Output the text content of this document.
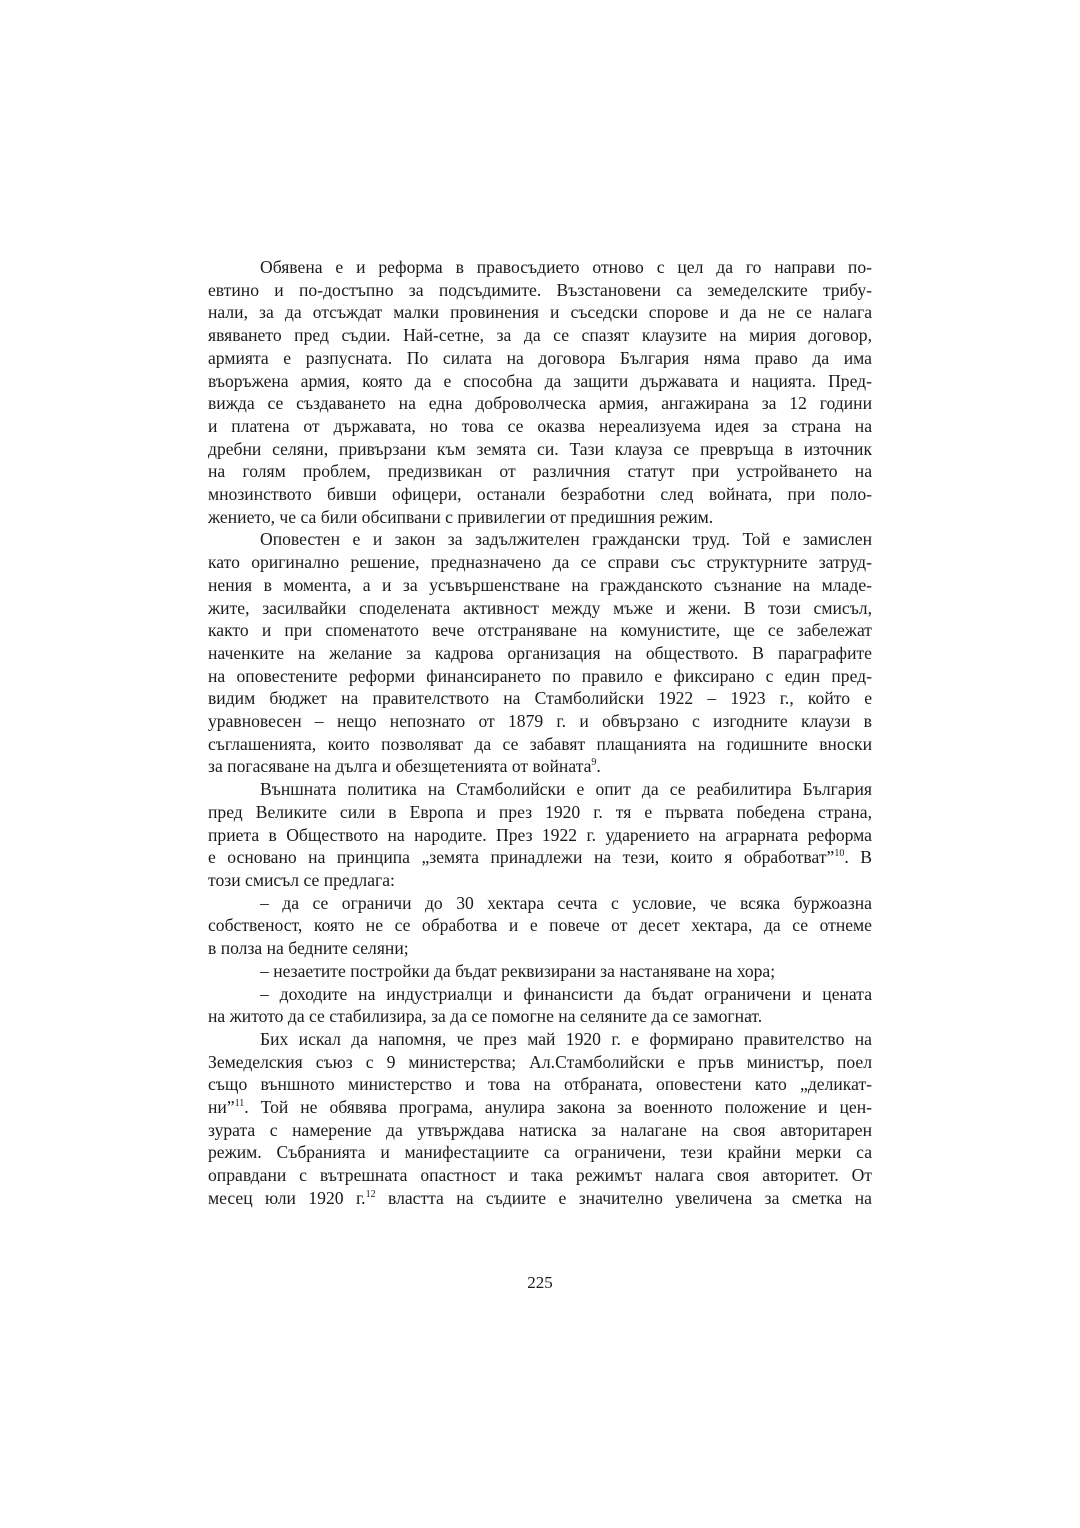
Обявена е и реформа в правосъдието отново с цел да го направи по-
евтино и по-достъпно за подсъдимите. Възстановени са земеделските трибу-
нали, за да отсъждат малки провинения и съседски спорове и да не се налага
явяването пред съдии. Най-сетне, за да се спазят клаузите на мирия договор,
армията е разпусната. По силата на договора България няма право да има
въоръжена армия, която да е способна да защити държавата и нацията. Пред-
вижда се създаването на една доброволческа армия, ангажирана за 12 години
и платена от държавата, но това се оказва нереализуема идея за страна на
дребни селяни, привързани към земята си. Тази клауза се превръща в източник
на голям проблем, предизвикан от различния статут при устройването на
мнозинството бивши офицери, останали безработни след войната, при поло-
жението, че са били обсипвани с привилегии от предишния режим.
Оповестен е и закон за задължителен граждански труд. Той е замислен
като оригинално решение, предназначено да се справи със структурните затруд-
нения в момента, а и за усъвършенстване на гражданското съзнание на младе-
жите, засилвайки споделената активност между мъже и жени. В този смисъл,
както и при споменатото вече отстраняване на комунистите, ще се забележат
наченките на желание за кадрова организация на обществото. В параграфите
на оповестените реформи финансирането по правило е фиксирано с един пред-
видим бюджет на правителството на Стамболийски 1922 – 1923 г., който е
уравновесен – нещо непознато от 1879 г. и обвързано с изгодните клаузи в
съглашенията, които позволяват да се забавят плащанията на годишните вноски
за погасяване на дълга и обезщетенията от войната$^9$.
Външната политика на Стамболийски е опит да се реабилитира България
пред Великите сили в Европа и през 1920 г. тя е първата победена страна,
приета в Обществото на народите. През 1922 г. ударението на аграрната реформа
е основано на принципа „земята принадлежи на тези, които я обработват”$^{10}$. В
този смисъл се предлага:
– да се ограничи до 30 хектара сечта с условие, че всяка буржоазна
собственост, която не се обработва и е повече от десет хектара, да се отнеме
в полза на бедните селяни;
– незаетите постройки да бъдат реквизирани за настаняване на хора;
– доходите на индустриалци и финансисти да бъдат ограничени и цената
на житото да се стабилизира, за да се помогне на селяните да се замогнат.
Бих искал да напомня, че през май 1920 г. е формирано правителство на
Земеделския съюз с 9 министерства; Ал.Стамболийски е пръв министър, поел
също външното министерство и това на отбраната, оповестени като „деликат-
ни”$^{11}$. Той не обявява програма, анулира закона за военното положение и цен-
зурата с намерение да утвърждава натиска за налагане на своя авторитарен
режим. Събранията и манифестациите са ограничени, тези крайни мерки са
оправдани с вътрешната опастност и така режимът налага своя авторитет. От
месец юли 1920 г.$^{12}$ властта на съдиите е значително увеличена за сметка на
225
